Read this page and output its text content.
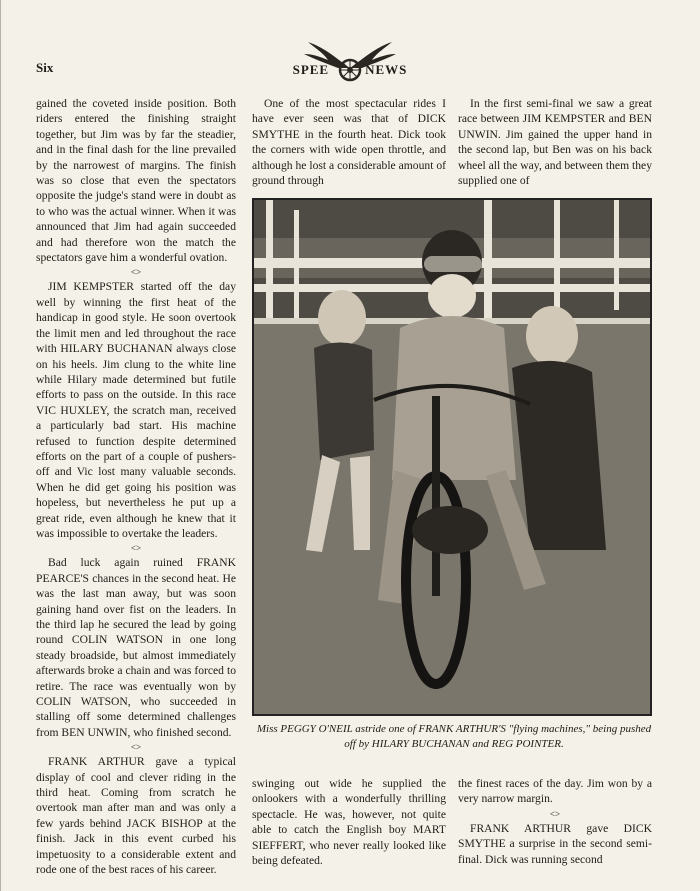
Six	SPEE	NEWS

gained the coveted inside position. Both riders entered the finishing straight together, but Jim was by far the steadier, and in the final dash for the line prevailed by the narrowest of margins. The finish was so close that even the spectators opposite the judge's stand were in doubt as to who was the actual winner. When it was announced that Jim had again succeeded and had therefore won the match the spectators gave him a wonderful ovation.

<>

JIM KEMPSTER started off the day well by winning the first heat of the handicap in good style. He soon overtook the limit men and led throughout the race with HILARY BUCHANAN always close on his heels. Jim clung to the white line while Hilary made determined but futile efforts to pass on the outside. In this race VIC HUXLEY, the scratch man, received a particularly bad start. His machine refused to function despite determined efforts on the part of a couple of pushers-off and Vic lost many valuable seconds. When he did get going his position was hopeless, but nevertheless he put up a great ride, even although he knew that it was impossible to overtake the leaders.

<>

Bad luck again ruined FRANK PEARCE'S chances in the second heat. He was the last man away, but was soon gaining hand over fist on the leaders. In the third lap he secured the lead by going round COLIN WATSON in one long steady broadside, but almost immediately afterwards broke a chain and was forced to retire. The race was eventually won by COLIN WATSON, who succeeded in stalling off some determined challenges from BEN UNWIN, who finished second.

<>

FRANK ARTHUR gave a typical display of cool and clever riding in the third heat. Coming from scratch he overtook man after man and was only a few yards behind JACK BISHOP at the finish. Jack in this event curbed his impetuosity to a considerable extent and rode one of the best races of his career.

One of the most spectacular rides I have ever seen was that of DICK SMYTHE in the fourth heat. Dick took the corners with wide open throttle, and although he lost a considerable amount of ground through

In the first semi-final we saw a great race between JIM KEMPSTER and BEN UNWIN. Jim gained the upper hand in the second lap, but Ben was on his back wheel all the way, and between them they supplied one of

Miss PEGGY O'NEIL astride one of FRANK ARTHUR'S "flying machines," being pushed off by HILARY BUCHANAN and REG POINTER.

swinging out wide he supplied the onlookers with a wonderfully thrilling spectacle. He was, however, not quite able to catch the English boy MART SIEFFERT, who never really looked like being defeated.

the finest races of the day. Jim won by a very narrow margin.

<>

FRANK ARTHUR gave DICK SMYTHE a surprise in the second semi-final. Dick was running second
